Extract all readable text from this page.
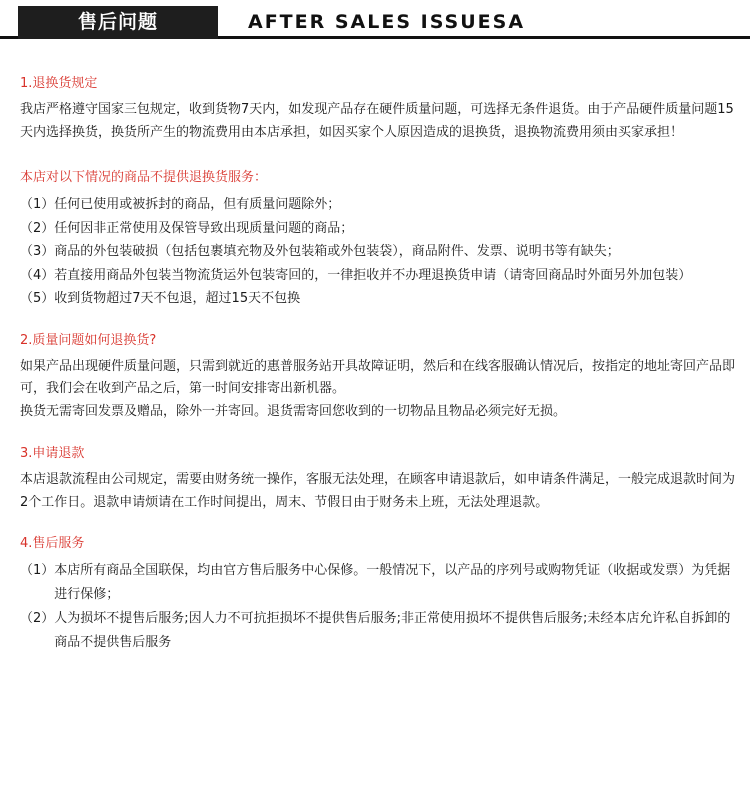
售后问题	AFTER SALES ISSUESA
1.退换货规定

我店严格遵守国家三包规定，收到货物7天内，如发现产品存在硬件质量问题，可选择无条件退货。由于产品硬件质量问题15天内选择换货，换货所产生的物流费用由本店承担，如因买家个人原因造成的退换货，退换物流费用须由买家承担！

本店对以下情况的商品不提供退换货服务：
（1） 任何已使用或被拆封的商品，但有质量问题除外；
（2） 任何因非正常使用及保管导致出现质量问题的商品；
（3） 商品的外包装破损（包括包裹填充物及外包装箱或外包装袋），商品附件、发票、说明书等有缺失；
（4） 若直接用商品外包装当物流货运外包装寄回的，一律拒收并不办理退换货申请（请寄回商品时外面另外加包装）
（5） 收到货物超过7天不包退，超过15天不包换
2.质量问题如何退换货?

如果产品出现硬件质量问题，只需到就近的惠普服务站开具故障证明，然后和在线客服确认情况后，按指定的地址寄回产品即可，我们会在收到产品之后，第一时间安排寄出新机器。

换货无需寄回发票及赠品，除外一并寄回。退货需寄回您收到的一切物品且物品必须完好无损。

3.申请退款

本店退款流程由公司规定，需要由财务统一操作，客服无法处理，在顾客申请退款后，如申请条件满足，一般完成退款时间为2个工作日。退款申请烦请在工作时间提出，周末、节假日由于财务未上班，无法处理退款。

4.售后服务
（1） 本店所有商品全国联保，均由官方售后服务中心保修。一般情况下，以产品的序列号或购物凭证（收据或发票）为凭据进行保修；
（2） 人为损坏不提售后服务;因人力不可抗拒损坏不提供售后服务;非正常使用损坏不提供售后服务;未经本店允许私自拆卸的商品不提供售后服务
